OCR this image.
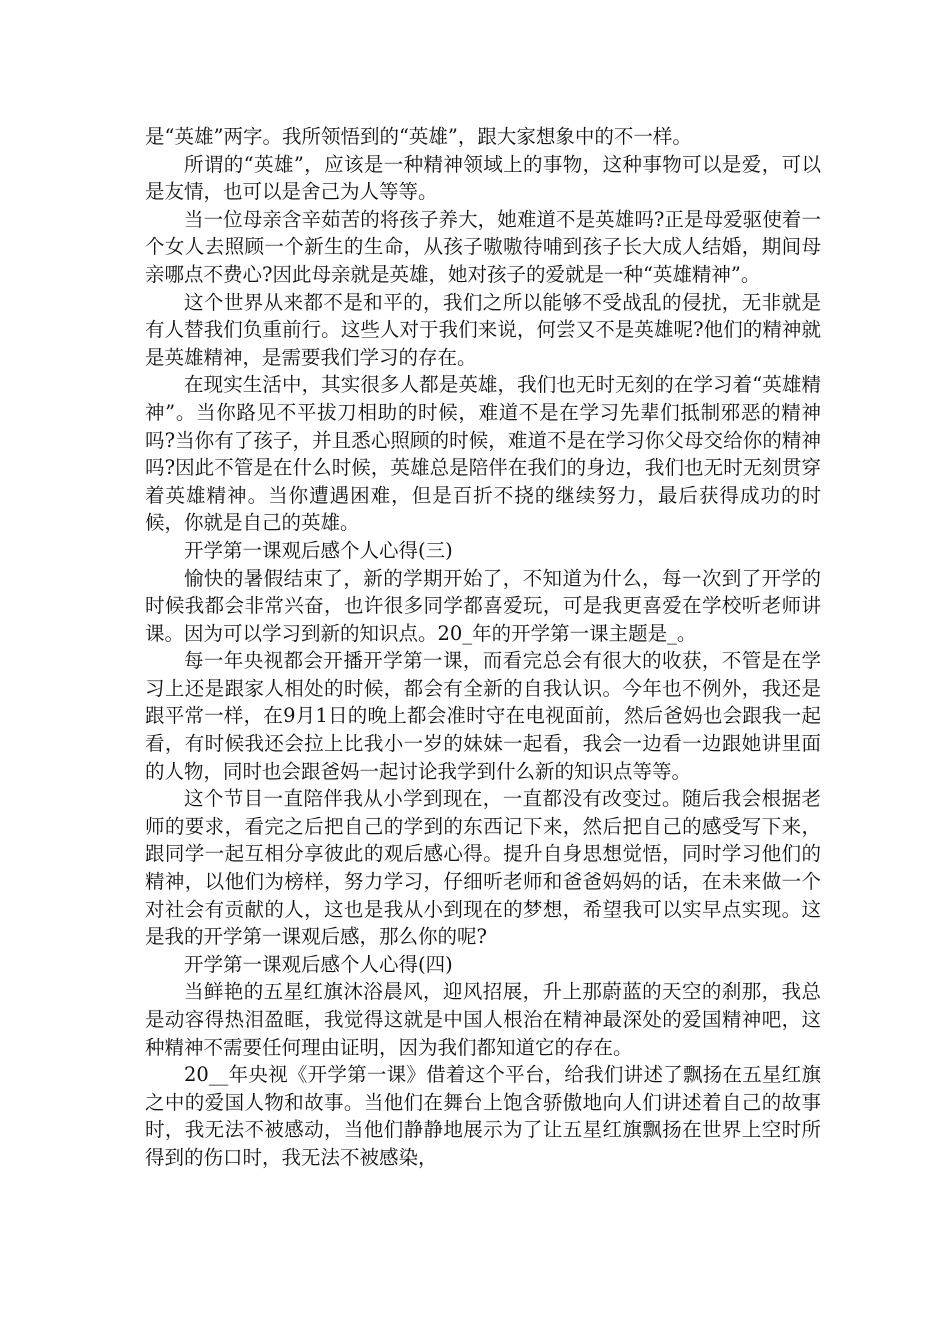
是“英雄”两字。我所领悟到的“英雄”，跟大家想象中的不一样。

所谓的“英雄”，应该是一种精神领域上的事物，这种事物可以是爱，可以是友情，也可以是舍己为人等等。

当一位母亲含辛茹苦的将孩子养大，她难道不是英雄吗?正是母爱驱使着一个女人去照顾一个新生的生命，从孩子嗷嗷待哺到孩子长大成人结婚，期间母亲哪点不费心?因此母亲就是英雄，她对孩子的爱就是一种“英雄精神”。

这个世界从来都不是和平的，我们之所以能够不受战乱的侵扰，无非就是有人替我们负重前行。这些人对于我们来说，何尝又不是英雄呢?他们的精神就是英雄精神，是需要我们学习的存在。

在现实生活中，其实很多人都是英雄，我们也无时无刻的在学习着“英雄精神”。当你路见不平拔刀相助的时候，难道不是在学习先辈们抵制邪恶的精神吗?当你有了孩子，并且悉心照顾的时候，难道不是在学习你父母交给你的精神吗?因此不管是在什么时候，英雄总是陪伴在我们的身边，我们也无时无刻贯穿着英雄精神。当你遭遇困难，但是百折不挠的继续努力，最后获得成功的时候，你就是自己的英雄。

开学第一课观后感个人心得(三)

愉快的暑假结束了，新的学期开始了，不知道为什么，每一次到了开学的时候我都会非常兴奋，也许很多同学都喜爱玩，可是我更喜爱在学校听老师讲课。因为可以学习到新的知识点。20_年的开学第一课主题是_。

每一年央视都会开播开学第一课，而看完总会有很大的收获，不管是在学习上还是跟家人相处的时候，都会有全新的自我认识。今年也不例外，我还是跟平常一样，在9月1日的晚上都会准时守在电视面前，然后爸妈也会跟我一起看，有时候我还会拉上比我小一岁的妹妹一起看，我会一边看一边跟她讲里面的人物，同时也会跟爸妈一起讨论我学到什么新的知识点等等。

这个节目一直陪伴我从小学到现在，一直都没有改变过。随后我会根据老师的要求，看完之后把自己的学到的东西记下来，然后把自己的感受写下来，跟同学一起互相分享彼此的观后感心得。提升自身思想觉悟，同时学习他们的精神，以他们为榜样，努力学习，仔细听老师和爸爸妈妈的话，在未来做一个对社会有贡献的人，这也是我从小到现在的梦想，希望我可以实早点实现。这是我的开学第一课观后感，那么你的呢?

开学第一课观后感个人心得(四)

当鲜艳的五星红旗沐浴晨风，迎风招展，升上那蔚蓝的天空的刹那，我总是动容得热泪盈眶，我觉得这就是中国人根治在精神最深处的爱国精神吧，这种精神不需要任何理由证明，因为我们都知道它的存在。

20__年央视《开学第一课》借着这个平台，给我们讲述了飘扬在五星红旗之中的爱国人物和故事。当他们在舞台上饱含骄傲地向人们讲述着自己的故事时，我无法不被感动，当他们静静地展示为了让五星红旗飘扬在世界上空时所得到的伤口时，我无法不被感染，
